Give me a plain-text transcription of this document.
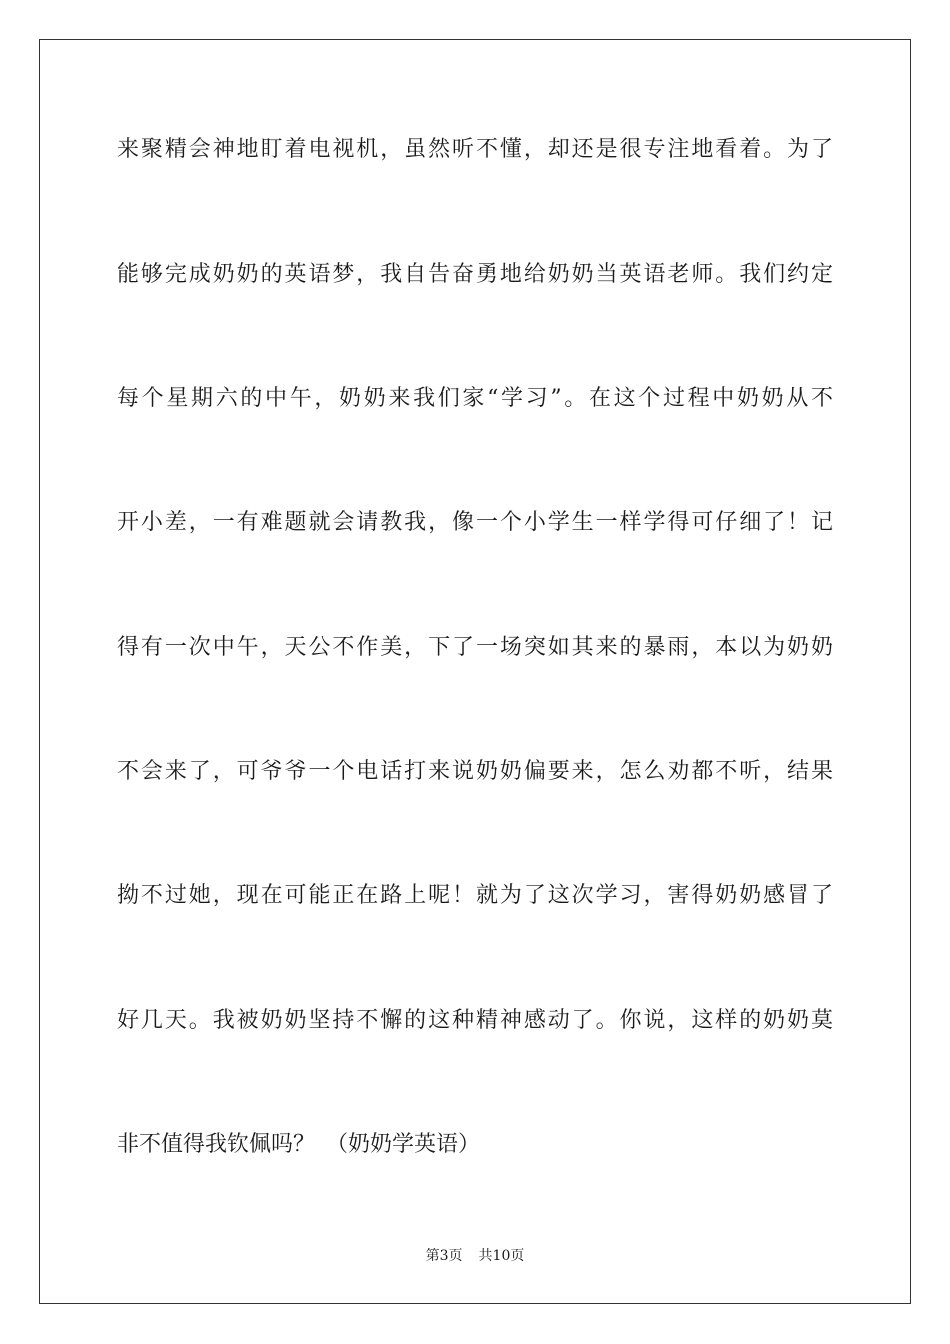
来聚精会神地盯着电视机，虽然听不懂，却还是很专注地看着。为了
能够完成奶奶的英语梦，我自告奋勇地给奶奶当英语老师。我们约定
每个星期六的中午，奶奶来我们家“学习”。在这个过程中奶奶从不
开小差，一有难题就会请教我，像一个小学生一样学得可仔细了！记
得有一次中午，天公不作美，下了一场突如其来的暴雨，本以为奶奶
不会来了，可爷爷一个电话打来说奶奶偏要来，怎么劝都不听，结果
拗不过她，现在可能正在路上呢！就为了这次学习，害得奶奶感冒了
好几天。我被奶奶坚持不懈的这种精神感动了。你说，这样的奶奶莫
非不值得我钦佩吗？　（奶奶学英语）
第3页 共10页
